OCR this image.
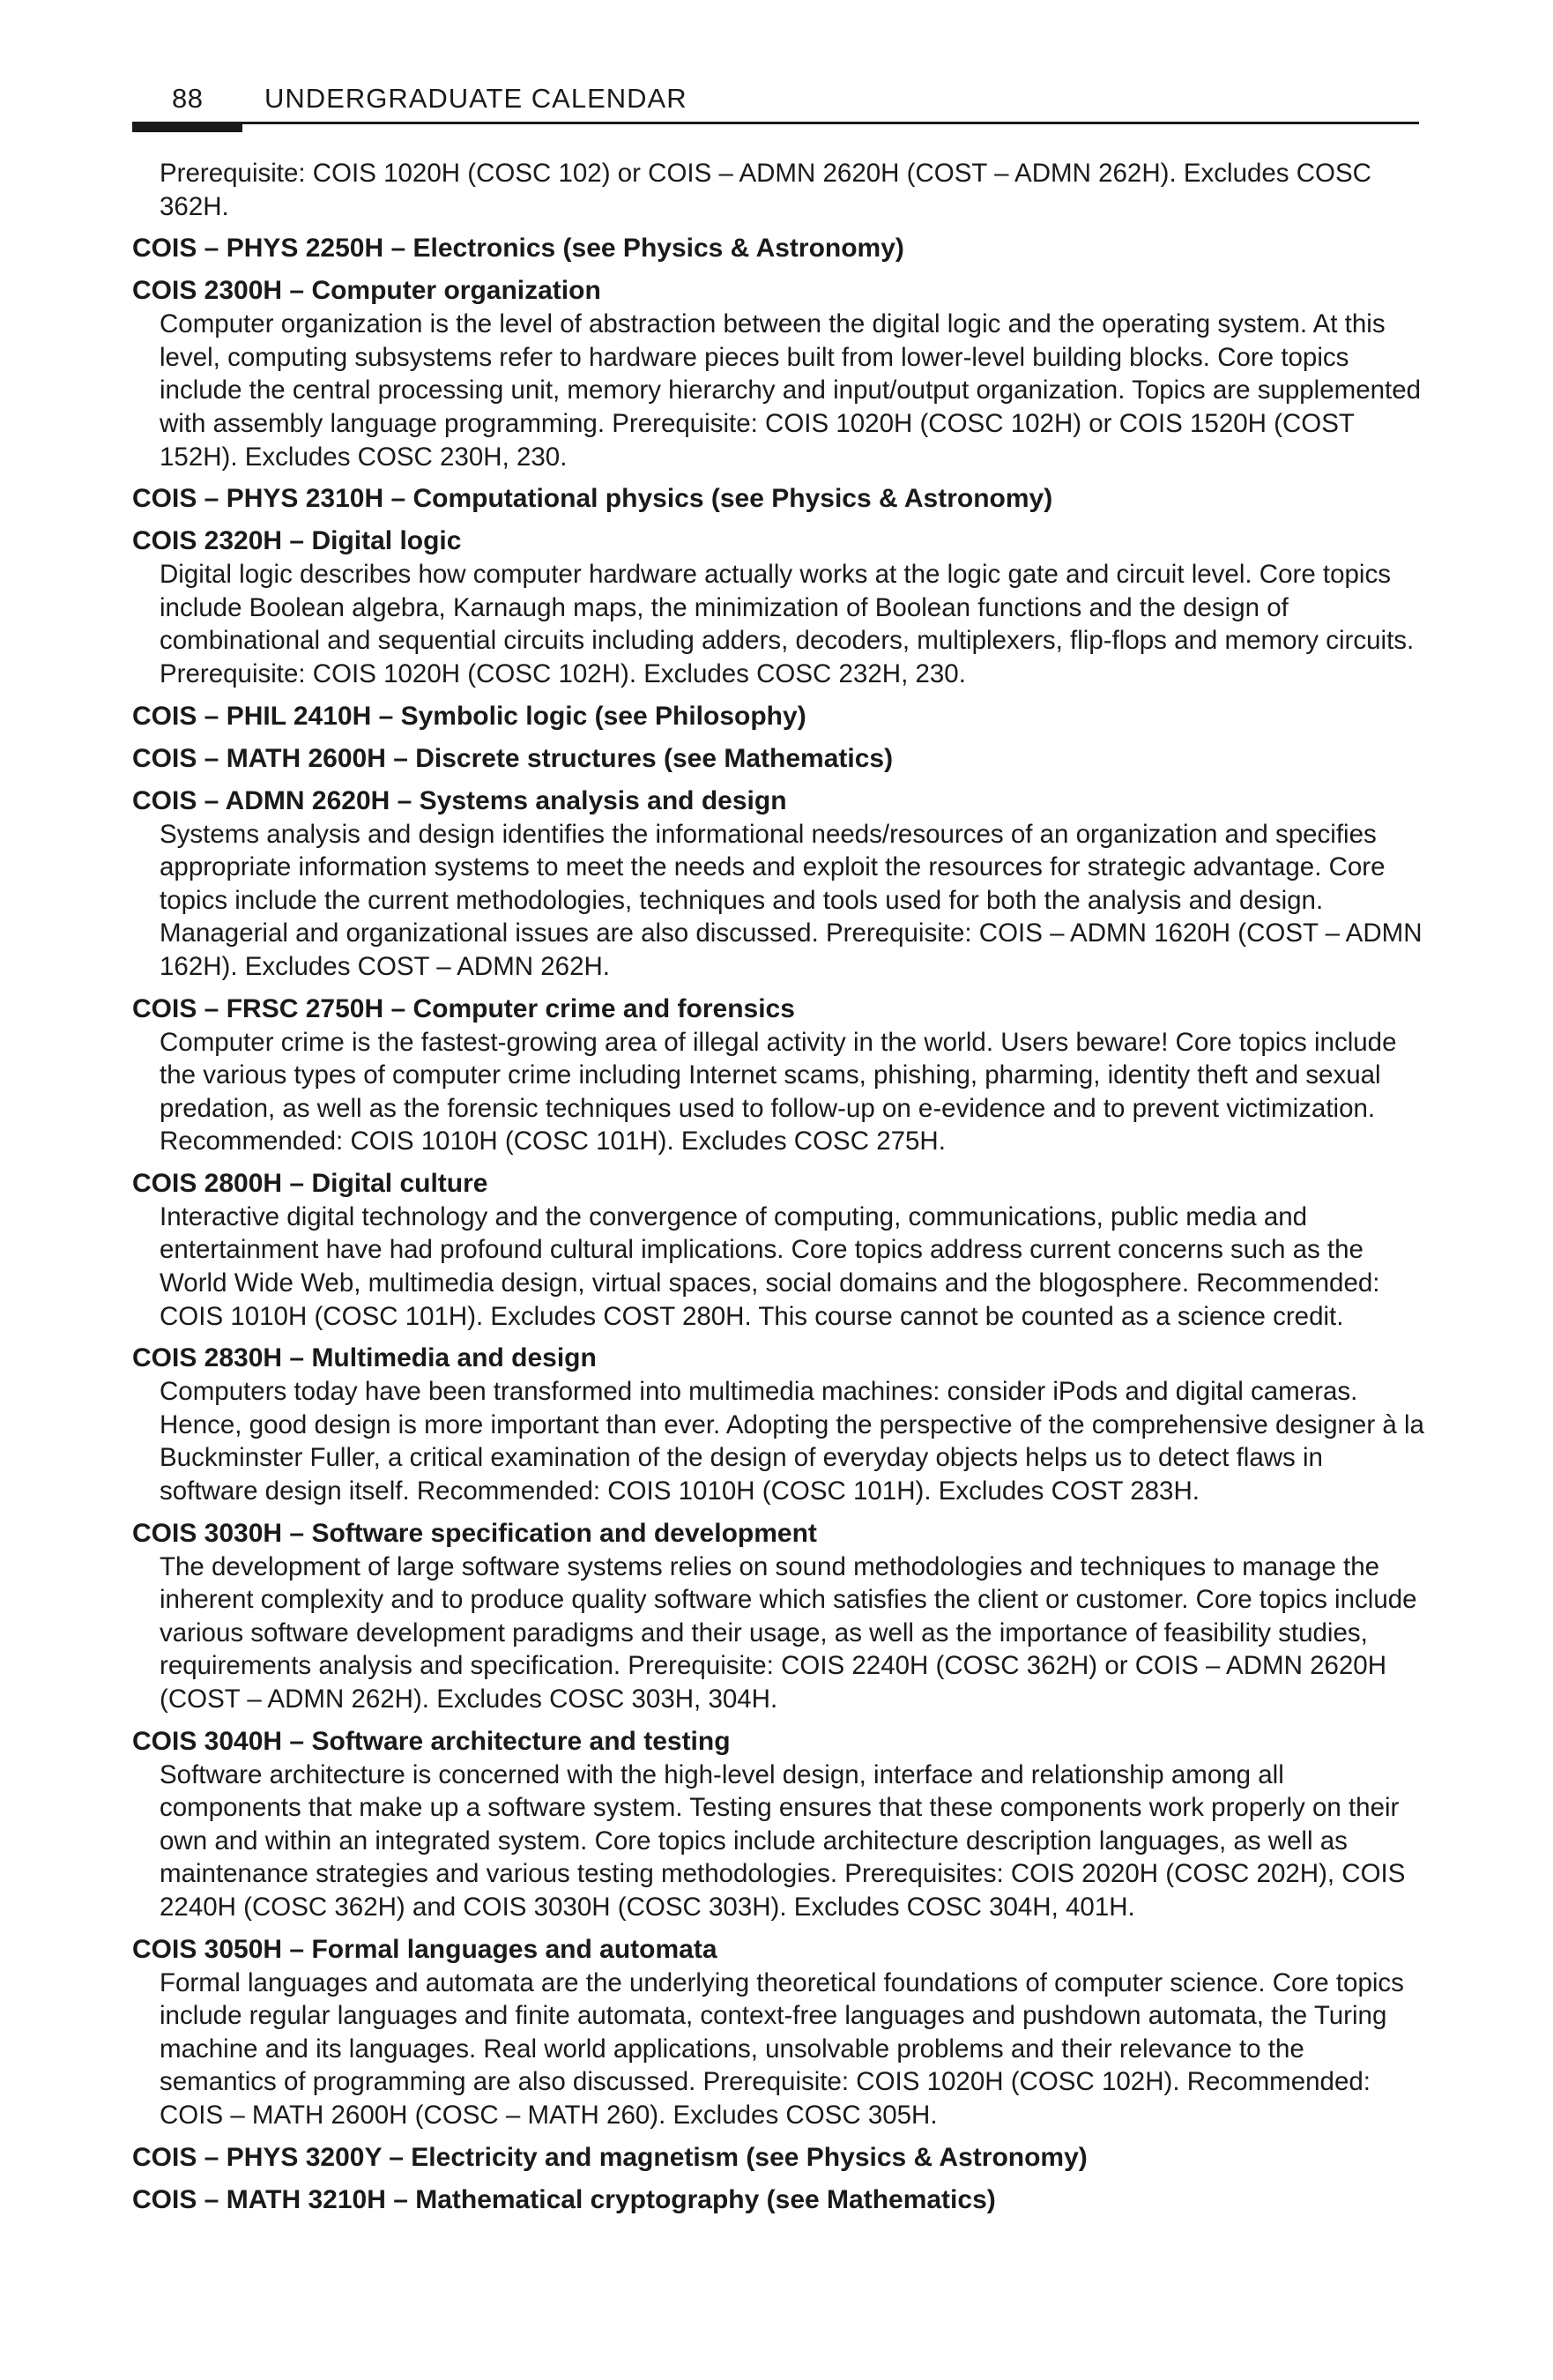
88 UNDERGRADUATE CALENDAR

Prerequisite: COIS 1020H (COSC 102) or COIS – ADMN 2620H (COST – ADMN 262H). Excludes COSC 362H.

COIS – PHYS 2250H – Electronics (see Physics & Astronomy)

COIS 2300H – Computer organization

Computer organization is the level of abstraction between the digital logic and the operating system. At this level, computing subsystems refer to hardware pieces built from lower-level building blocks. Core topics include the central processing unit, memory hierarchy and input/output organization. Topics are supplemented with assembly language programming. Prerequisite: COIS 1020H (COSC 102H) or COIS 1520H (COST 152H). Excludes COSC 230H, 230.

COIS – PHYS 2310H – Computational physics (see Physics & Astronomy)

COIS 2320H – Digital logic

Digital logic describes how computer hardware actually works at the logic gate and circuit level. Core topics include Boolean algebra, Karnaugh maps, the minimization of Boolean functions and the design of combinational and sequential circuits including adders, decoders, multiplexers, flip-flops and memory circuits. Prerequisite: COIS 1020H (COSC 102H). Excludes COSC 232H, 230.

COIS – PHIL 2410H – Symbolic logic (see Philosophy)

COIS – MATH 2600H – Discrete structures (see Mathematics)

COIS – ADMN 2620H – Systems analysis and design

Systems analysis and design identifies the informational needs/resources of an organization and specifies appropriate information systems to meet the needs and exploit the resources for strategic advantage. Core topics include the current methodologies, techniques and tools used for both the analysis and design. Managerial and organizational issues are also discussed. Prerequisite: COIS – ADMN 1620H (COST – ADMN 162H). Excludes COST – ADMN 262H.

COIS – FRSC 2750H – Computer crime and forensics

Computer crime is the fastest-growing area of illegal activity in the world. Users beware! Core topics include the various types of computer crime including Internet scams, phishing, pharming, identity theft and sexual predation, as well as the forensic techniques used to follow-up on e-evidence and to prevent victimization. Recommended: COIS 1010H (COSC 101H). Excludes COSC 275H.

COIS 2800H – Digital culture

Interactive digital technology and the convergence of computing, communications, public media and entertainment have had profound cultural implications. Core topics address current concerns such as the World Wide Web, multimedia design, virtual spaces, social domains and the blogosphere. Recommended: COIS 1010H (COSC 101H). Excludes COST 280H. This course cannot be counted as a science credit.

COIS 2830H – Multimedia and design

Computers today have been transformed into multimedia machines: consider iPods and digital cameras. Hence, good design is more important than ever. Adopting the perspective of the comprehensive designer à la Buckminster Fuller, a critical examination of the design of everyday objects helps us to detect flaws in software design itself. Recommended: COIS 1010H (COSC 101H). Excludes COST 283H.

COIS 3030H – Software specification and development

The development of large software systems relies on sound methodologies and techniques to manage the inherent complexity and to produce quality software which satisfies the client or customer. Core topics include various software development paradigms and their usage, as well as the importance of feasibility studies, requirements analysis and specification. Prerequisite: COIS 2240H (COSC 362H) or COIS – ADMN 2620H (COST – ADMN 262H). Excludes COSC 303H, 304H.

COIS 3040H – Software architecture and testing

Software architecture is concerned with the high-level design, interface and relationship among all components that make up a software system. Testing ensures that these components work properly on their own and within an integrated system. Core topics include architecture description languages, as well as maintenance strategies and various testing methodologies. Prerequisites: COIS 2020H (COSC 202H), COIS 2240H (COSC 362H) and COIS 3030H (COSC 303H). Excludes COSC 304H, 401H.

COIS 3050H – Formal languages and automata

Formal languages and automata are the underlying theoretical foundations of computer science. Core topics include regular languages and finite automata, context-free languages and pushdown automata, the Turing machine and its languages. Real world applications, unsolvable problems and their relevance to the semantics of programming are also discussed. Prerequisite: COIS 1020H (COSC 102H). Recommended: COIS – MATH 2600H (COSC – MATH 260). Excludes COSC 305H.

COIS – PHYS 3200Y – Electricity and magnetism (see Physics & Astronomy)

COIS – MATH 3210H – Mathematical cryptography (see Mathematics)
